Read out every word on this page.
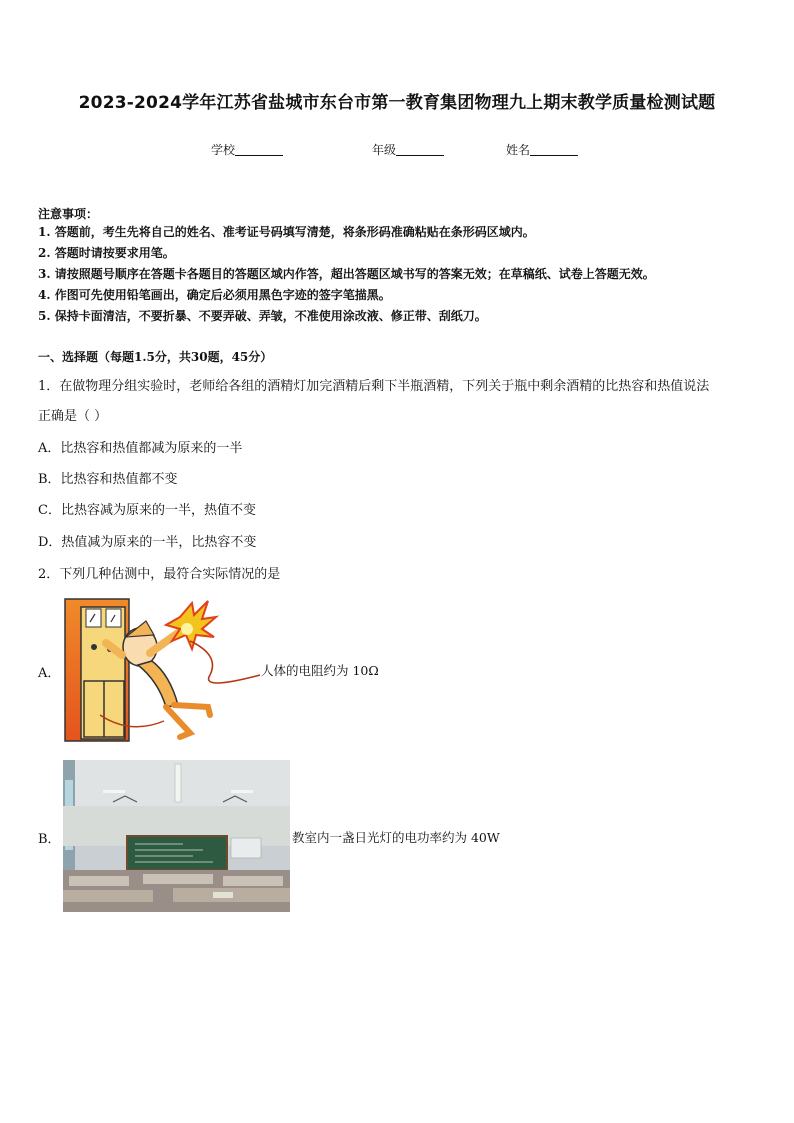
2023-2024学年江苏省盐城市东台市第一教育集团物理九上期末教学质量检测试题
学校	年级	姓名
注意事项：
1. 答题前，考生先将自己的姓名、准考证号码填写清楚，将条形码准确粘贴在条形码区域内。
2. 答题时请按要求用笔。
3. 请按照题号顺序在答题卡各题目的答题区域内作答，超出答题区域书写的答案无效；在草稿纸、试卷上答题无效。
4. 作图可先使用铅笔画出，确定后必须用黑色字迹的签字笔描黑。
5. 保持卡面清洁，不要折暴、不要弄破、弄皱，不准使用涂改液、修正带、刮纸刀。
一、选择题（每题1.5分，共30题，45分）
1．在做物理分组实验时，老师给各组的酒精灯加完酒精后剩下半瓶酒精，下列关于瓶中剩余酒精的比热容和热值说法
正确是（ ）
A．比热容和热值都减为原来的一半
B．比热容和热值都不变
C．比热容减为原来的一半，热值不变
D．热值减为原来的一半，比热容不变
2．下列几种估测中，最符合实际情况的是
A．	人体的电阻约为 10Ω
B．	教室内一盏日光灯的电功率约为 40W
